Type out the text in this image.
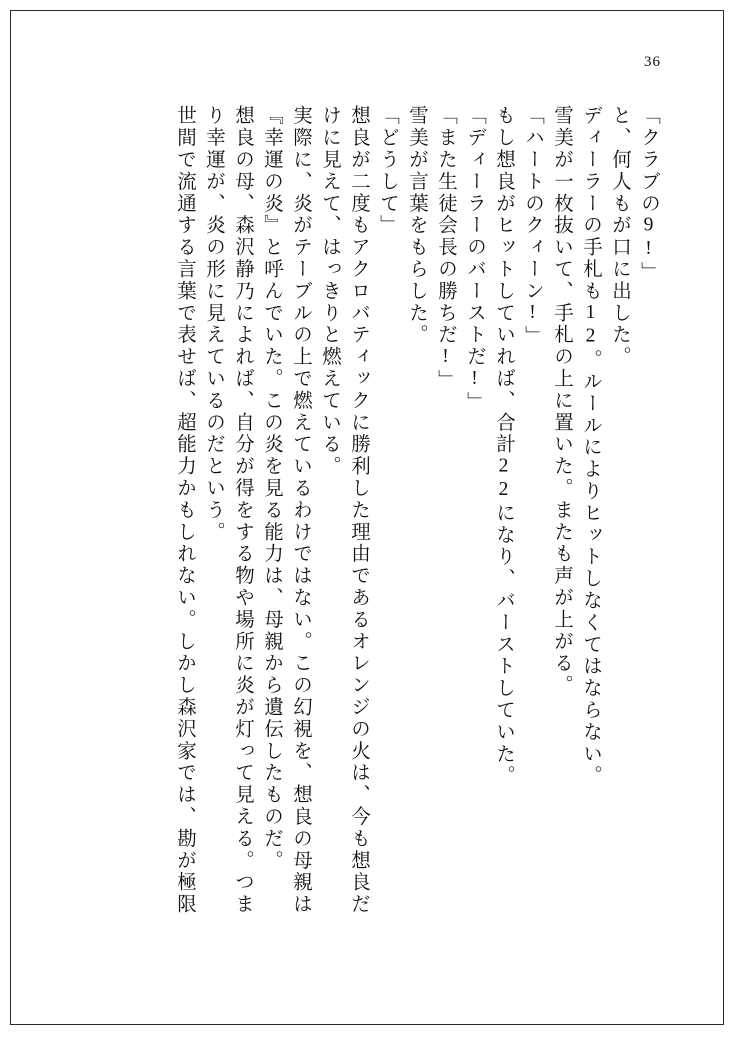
36
世間で流通する言葉で表せば、超能力かもしれない。しかし森沢家では、勘が極限 り幸運が、炎の形に見えているのだという。 想良の母、森沢静乃によれば、自分が得をする物や場所に炎が灯って見える。つま 『幸運の炎』と呼んでいた。この炎を見る能力は、母親から遺伝したものだ。 実際に、炎がテーブルの上で燃えているわけではない。この幻視を、想良の母親は けに見えて、はっきりと燃えている。 想良が二度もアクロバティックに勝利した理由であるオレンジの火は、今も想良だ 「どうして」 雪美が言葉をもらした。 「また生徒会長の勝ちだ!」 「ディーラーのバーストだ!」 もし想良がヒットしていれば、合計22になり、バーストしていた。 「ハートのクィーン!」 雪美が一枚抜いて、手札の上に置いた。またも声が上がる。 ディーラーの手札も12。ルールによりヒットしなくてはならない。 と、何人もが口に出した。 「クラブの9!」
